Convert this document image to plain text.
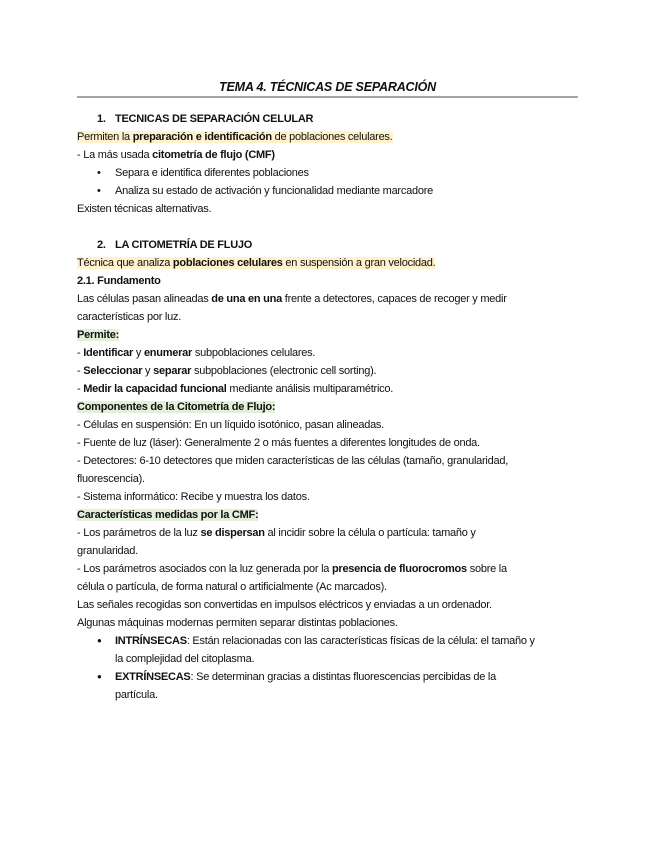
TEMA 4. TÉCNICAS DE SEPARACIÓN
1. TECNICAS DE SEPARACIÓN CELULAR
Permiten la preparación e identificación de poblaciones celulares.
- La más usada citometría de flujo (CMF)
• Separa e identifica diferentes poblaciones
• Analiza su estado de activación y funcionalidad mediante marcadore
Existen técnicas alternativas.
2. LA CITOMETRÍA DE FLUJO
Técnica que analiza poblaciones celulares en suspensión a gran velocidad.
2.1. Fundamento
Las células pasan alineadas de una en una frente a detectores, capaces de recoger y medir
características por luz.
Permite:
- Identificar y enumerar subpoblaciones celulares.
- Seleccionar y separar subpoblaciones (electronic cell sorting).
- Medir la capacidad funcional mediante análisis multiparamétrico.
Componentes de la Citometría de Flujo:
- Células en suspensión: En un líquido isotónico, pasan alineadas.
- Fuente de luz (láser): Generalmente 2 o más fuentes a diferentes longitudes de onda.
- Detectores: 6-10 detectores que miden características de las células (tamaño, granularidad,
fluorescencia).
- Sistema informático: Recibe y muestra los datos.
Características medidas por la CMF:
- Los parámetros de la luz se dispersan al incidir sobre la célula o partícula: tamaño y
granularidad.
- Los parámetros asociados con la luz generada por la presencia de fluorocromos sobre la
célula o partícula, de forma natural o artificialmente (Ac marcados).
Las señales recogidas son convertidas en impulsos eléctricos y enviadas a un ordenador.
Algunas máquinas modernas permiten separar distintas poblaciones.
● INTRÍNSECAS: Están relacionadas con las características físicas de la célula: el tamaño y
la complejidad del citoplasma.
● EXTRÍNSECAS: Se determinan gracias a distintas fluorescencias percibidas de la
partícula.
